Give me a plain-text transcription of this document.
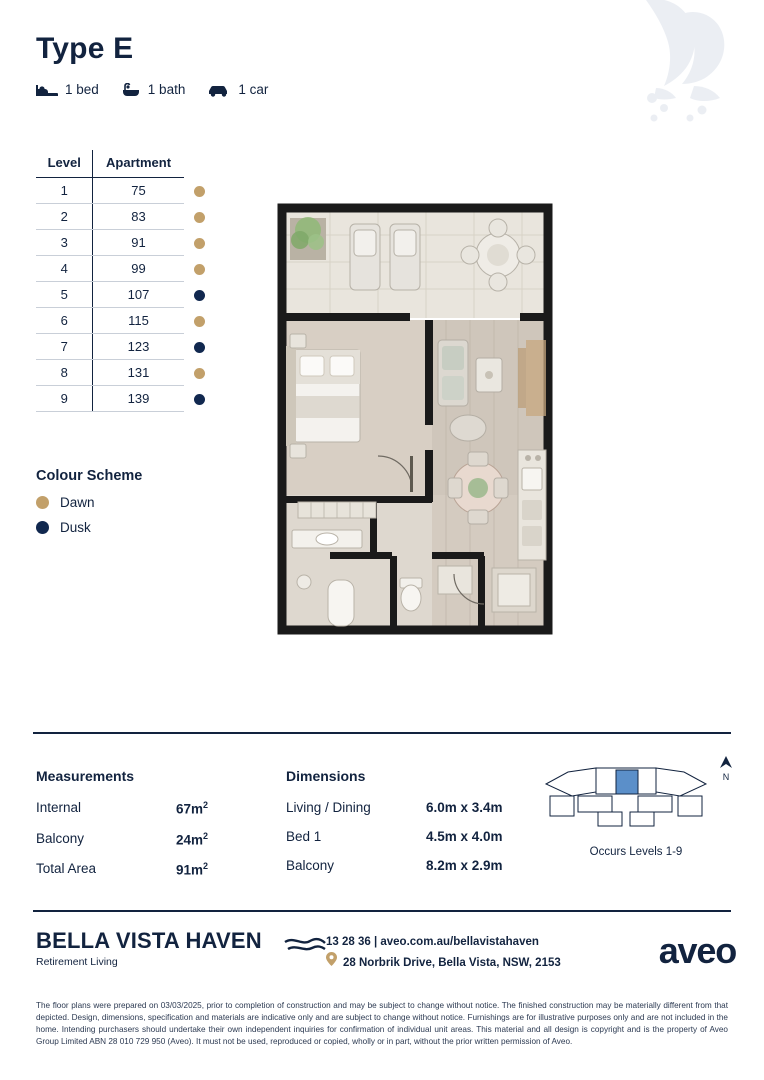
Type E
1 bed	1 bath	1 car
Level	Apartment	
1	75	
2	83	
3	91	
4	99	
5	107	
6	115	
7	123	
8	131	
9	139	
Colour Scheme
Dawn
Dusk
Measurements
Internal	$67m^2$
Balcony	$24m^2$
Total Area	$91m^2$
Dimensions
Living / Dining	6.0m x 3.4m
Bed 1	4.5m x 4.0m
Balcony	8.2m x 2.9m
N
Occurs Levels 1-9
BELLA VISTA HAVEN
Retirement Living
13 28 36 | aveo.com.au/bellavistahaven
28 Norbrik Drive, Bella Vista, NSW, 2153	aveo
The floor plans were prepared on 03/03/2025, prior to completion of construction and may be subject to change without notice. The finished construction may be materially different from that depicted. Design, dimensions, specification and materials are indicative only and are subject to change without notice. Furnishings are for illustrative purposes only and are not included in the home. Intending purchasers should undertake their own independent inquiries for confirmation of individual unit areas. This material and all design is copyright and is the property of Aveo Group Limited ABN 28 010 729 950 (Aveo). It must not be used, reproduced or copied, wholly or in part, without the prior written permission of Aveo.
